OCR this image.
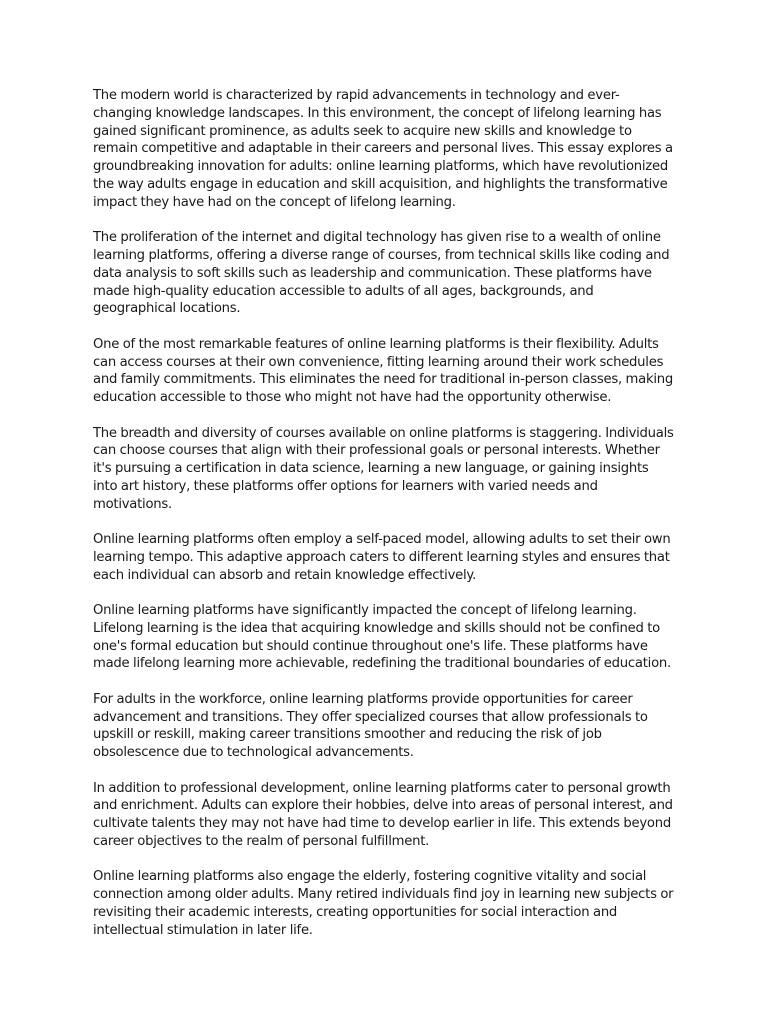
The modern world is characterized by rapid advancements in technology and ever-changing knowledge landscapes. In this environment, the concept of lifelong learning has gained significant prominence, as adults seek to acquire new skills and knowledge to remain competitive and adaptable in their careers and personal lives. This essay explores a groundbreaking innovation for adults: online learning platforms, which have revolutionized the way adults engage in education and skill acquisition, and highlights the transformative impact they have had on the concept of lifelong learning.

The proliferation of the internet and digital technology has given rise to a wealth of online learning platforms, offering a diverse range of courses, from technical skills like coding and data analysis to soft skills such as leadership and communication. These platforms have made high-quality education accessible to adults of all ages, backgrounds, and geographical locations.

One of the most remarkable features of online learning platforms is their flexibility. Adults can access courses at their own convenience, fitting learning around their work schedules and family commitments. This eliminates the need for traditional in-person classes, making education accessible to those who might not have had the opportunity otherwise.

The breadth and diversity of courses available on online platforms is staggering. Individuals can choose courses that align with their professional goals or personal interests. Whether it's pursuing a certification in data science, learning a new language, or gaining insights into art history, these platforms offer options for learners with varied needs and motivations.

Online learning platforms often employ a self-paced model, allowing adults to set their own learning tempo. This adaptive approach caters to different learning styles and ensures that each individual can absorb and retain knowledge effectively.

Online learning platforms have significantly impacted the concept of lifelong learning. Lifelong learning is the idea that acquiring knowledge and skills should not be confined to one's formal education but should continue throughout one's life. These platforms have made lifelong learning more achievable, redefining the traditional boundaries of education.

For adults in the workforce, online learning platforms provide opportunities for career advancement and transitions. They offer specialized courses that allow professionals to upskill or reskill, making career transitions smoother and reducing the risk of job obsolescence due to technological advancements.

In addition to professional development, online learning platforms cater to personal growth and enrichment. Adults can explore their hobbies, delve into areas of personal interest, and cultivate talents they may not have had time to develop earlier in life. This extends beyond career objectives to the realm of personal fulfillment.

Online learning platforms also engage the elderly, fostering cognitive vitality and social connection among older adults. Many retired individuals find joy in learning new subjects or revisiting their academic interests, creating opportunities for social interaction and intellectual stimulation in later life.
